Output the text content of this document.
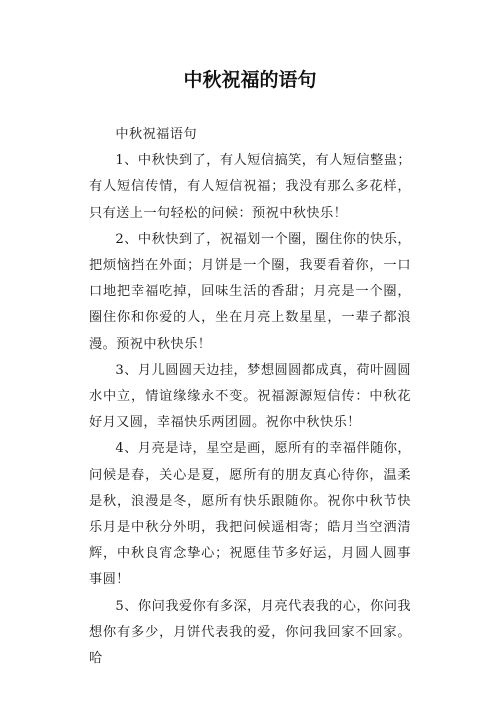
中秋祝福的语句

中秋祝福语句

1、中秋快到了，有人短信搞笑，有人短信整蛊；有人短信传情，有人短信祝福；我没有那么多花样，只有送上一句轻松的问候：预祝中秋快乐！

2、中秋快到了，祝福划一个圈，圈住你的快乐，把烦恼挡在外面；月饼是一个圈，我要看着你，一口口地把幸福吃掉，回味生活的香甜；月亮是一个圈，圈住你和你爱的人，坐在月亮上数星星，一辈子都浪漫。预祝中秋快乐！

3、月儿圆圆天边挂，梦想圆圆都成真，荷叶圆圆水中立，情谊缘缘永不变。祝福源源短信传：中秋花好月又圆，幸福快乐两团圆。祝你中秋快乐！

4、月亮是诗，星空是画，愿所有的幸福伴随你，问候是春，关心是夏，愿所有的朋友真心待你，温柔是秋，浪漫是冬，愿所有快乐跟随你。祝你中秋节快乐月是中秋分外明，我把问候遥相寄；皓月当空洒清辉，中秋良宵念挚心；祝愿佳节多好运，月圆人圆事事圆！

5、你问我爱你有多深，月亮代表我的心，你问我想你有多少，月饼代表我的爱，你问我回家不回家。哈
